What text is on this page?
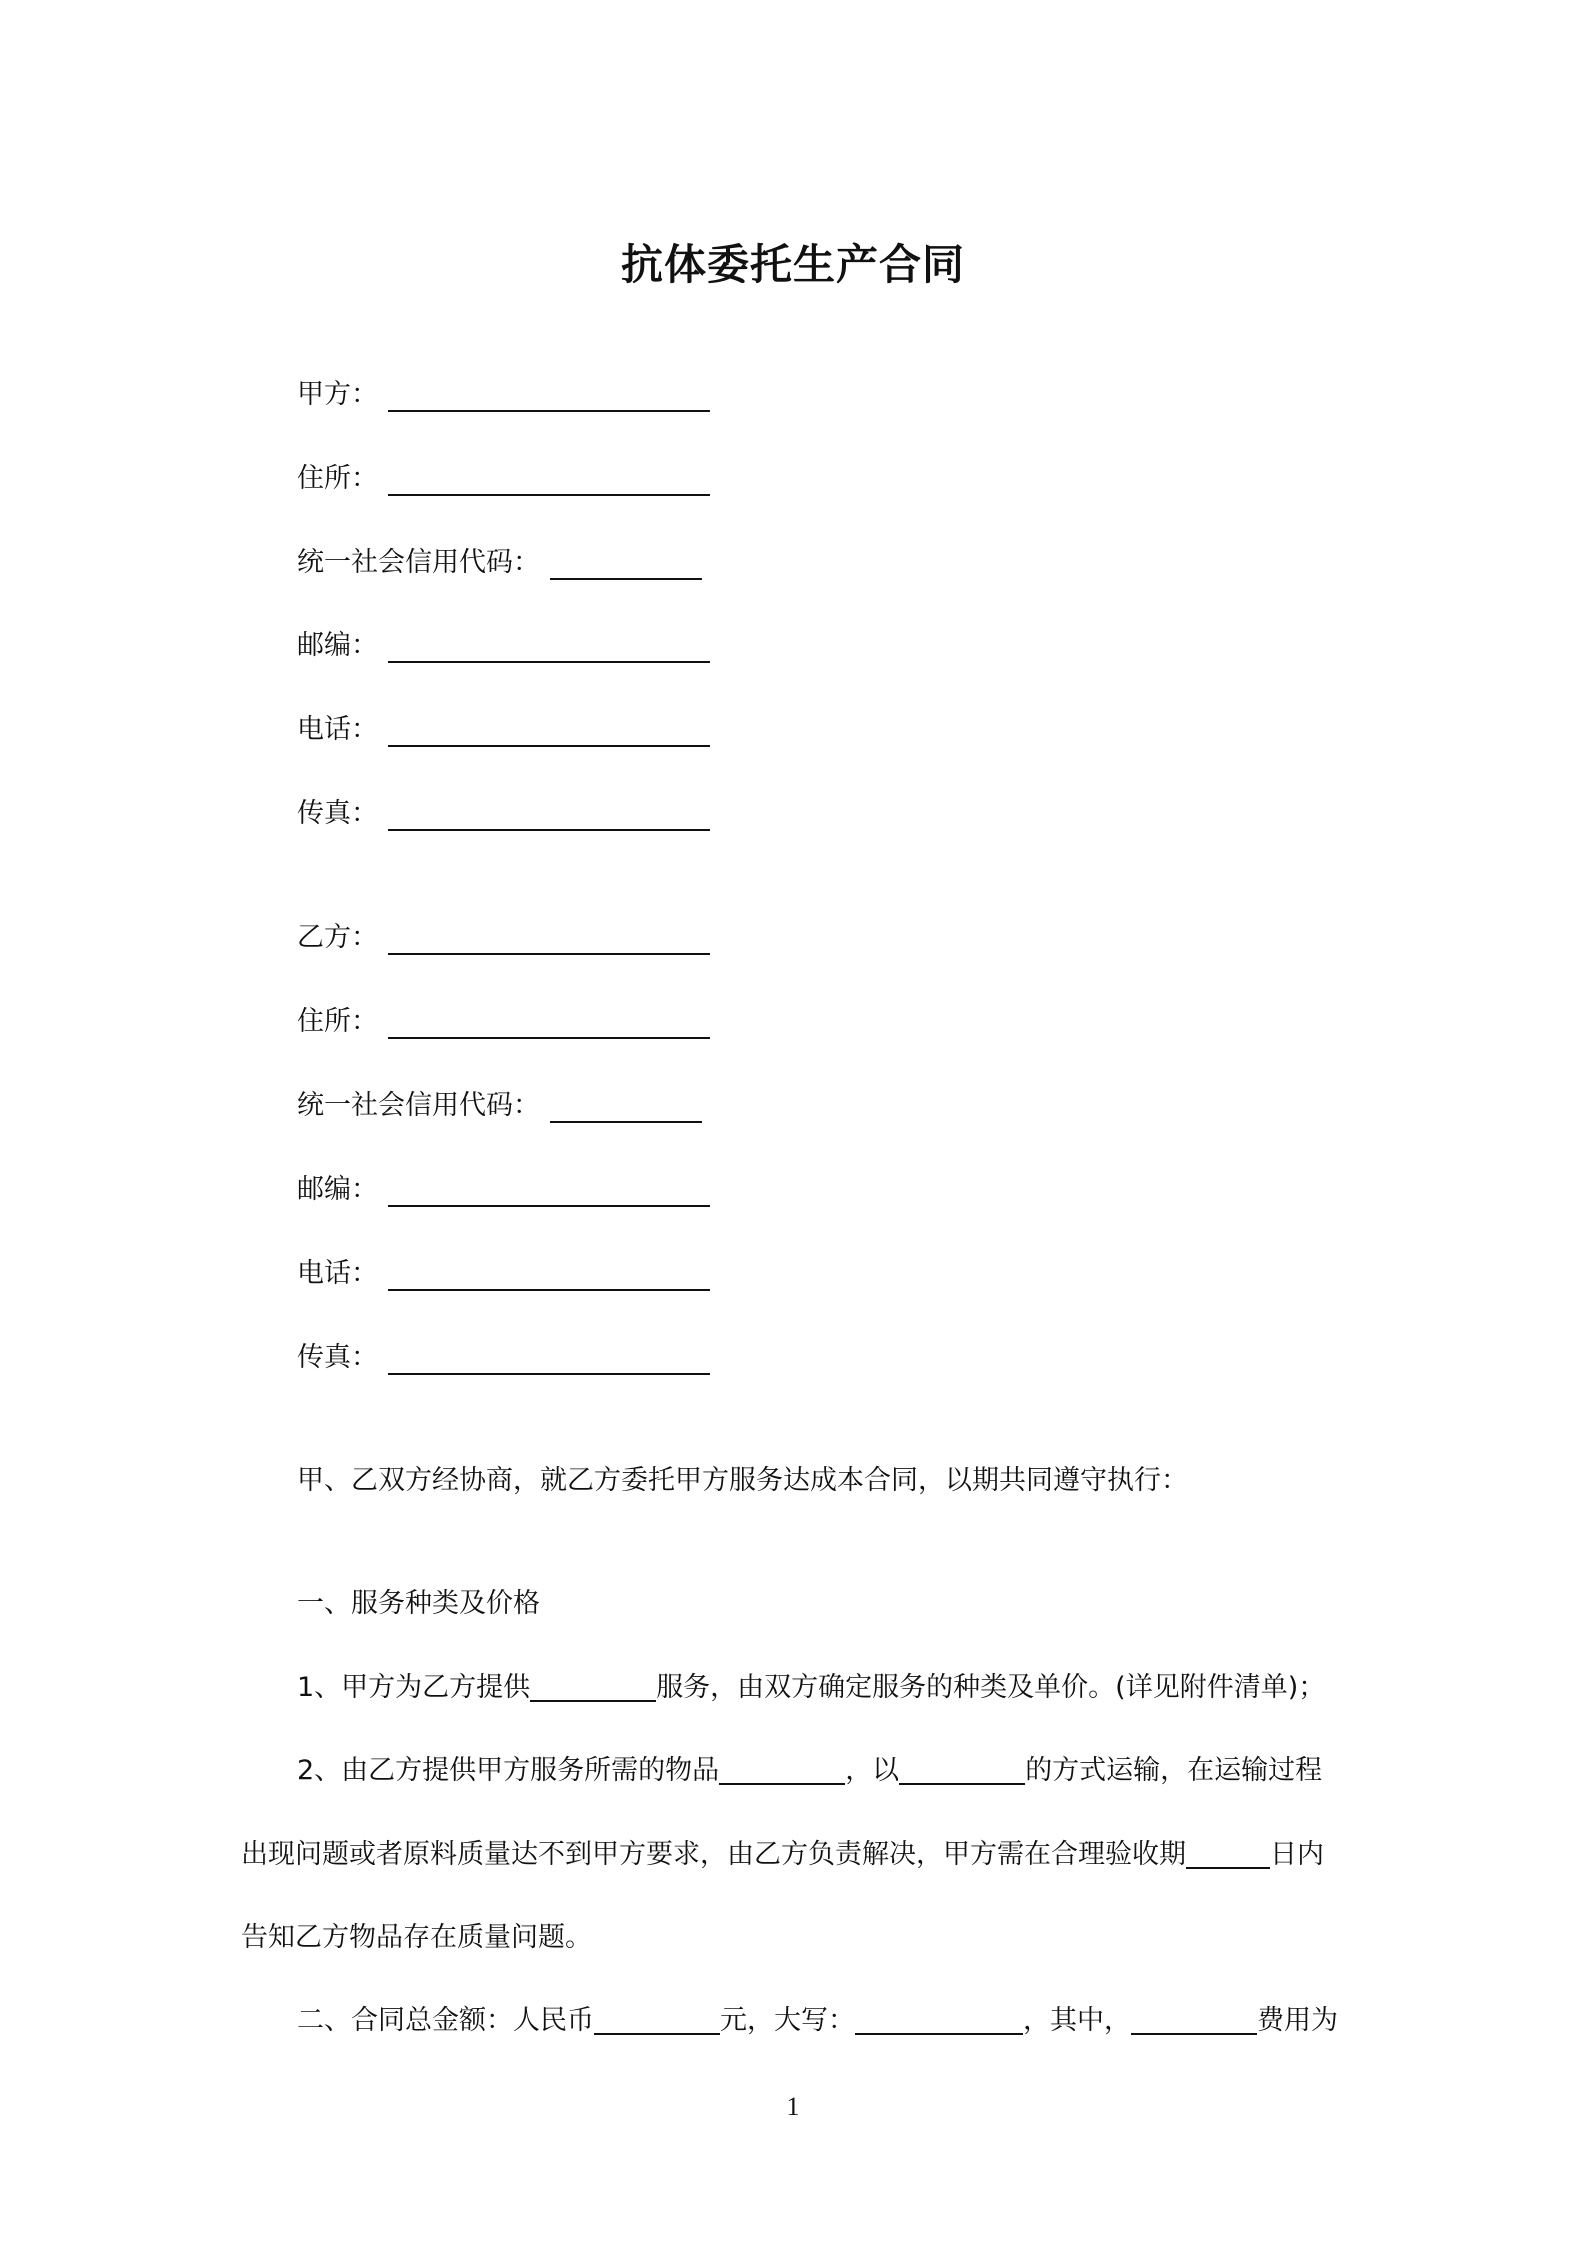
抗体委托生产合同
甲方：
住所：
统一社会信用代码：
邮编：
电话：
传真：
乙方：
住所：
统一社会信用代码：
邮编：
电话：
传真：
甲、乙双方经协商，就乙方委托甲方服务达成本合同，以期共同遵守执行：
一、服务种类及价格
1、甲方为乙方提供	服务，由双方确定服务的种类及单价。(详见附件清单)；
2、由乙方提供甲方服务所需的物品	，以	的方式运输，在运输过程
出现问题或者原料质量达不到甲方要求，由乙方负责解决，甲方需在合理验收期	日内
告知乙方物品存在质量问题。
二、合同总金额：人民币	元，大写：	，其中，	费用为
1
